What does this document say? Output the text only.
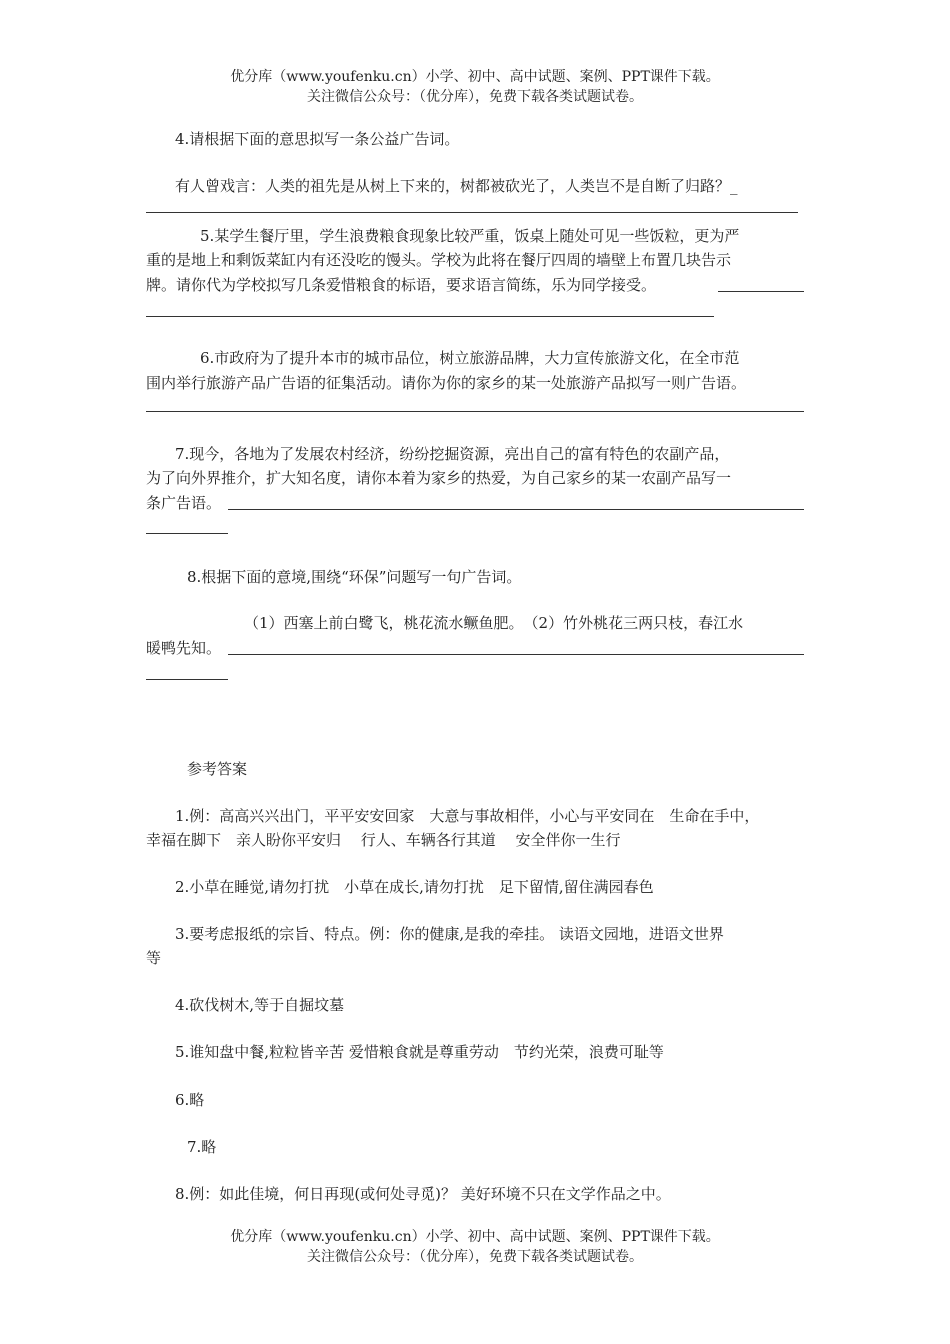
优分库（www.youfenku.cn）小学、初中、高中试题、案例、PPT课件下载。
关注微信公众号：（优分库），免费下载各类试题试卷。
4.请根据下面的意思拟写一条公益广告词。
有人曾戏言：人类的祖先是从树上下来的，树都被砍光了，人类岂不是自断了归路？_
5.某学生餐厅里，学生浪费粮食现象比较严重，饭桌上随处可见一些饭粒，更为严
重的是地上和剩饭菜缸内有还没吃的馒头。学校为此将在餐厅四周的墙壁上布置几块告示
牌。请你代为学校拟写几条爱惜粮食的标语，要求语言简练，乐为同学接受。
6.市政府为了提升本市的城市品位，树立旅游品牌，大力宣传旅游文化，在全市范
围内举行旅游产品广告语的征集活动。请你为你的家乡的某一处旅游产品拟写一则广告语。
7.现今，各地为了发展农村经济，纷纷挖掘资源，亮出自己的富有特色的农副产品，
为了向外界推介，扩大知名度，请你本着为家乡的热爱，为自己家乡的某一农副产品写一
条广告语。
8.根据下面的意境,围绕“环保”问题写一句广告词。
（1）西塞上前白鹭飞，桃花流水鳜鱼肥。　（2）竹外桃花三两只枝，春江水
暖鸭先知。
参考答案
1.例：高高兴兴出门，平平安安回家　大意与事故相伴，小心与平安同在　生命在手中，
幸福在脚下　亲人盼你平安归　 行人、车辆各行其道　 安全伴你一生行
2.小草在睡觉,请勿打扰　小草在成长,请勿打扰　足下留情,留住满园春色
3.要考虑报纸的宗旨、特点。例：你的健康,是我的牵挂。 读语文园地，进语文世界
等
4.砍伐树木,等于自掘坟墓
5.谁知盘中餐,粒粒皆辛苦 爱惜粮食就是尊重劳动　节约光荣，浪费可耻等
6.略
7.略
8.例：如此佳境，何日再现(或何处寻觅)？ 美好环境不只在文学作品之中。
优分库（www.youfenku.cn）小学、初中、高中试题、案例、PPT课件下载。
关注微信公众号：（优分库），免费下载各类试题试卷。
